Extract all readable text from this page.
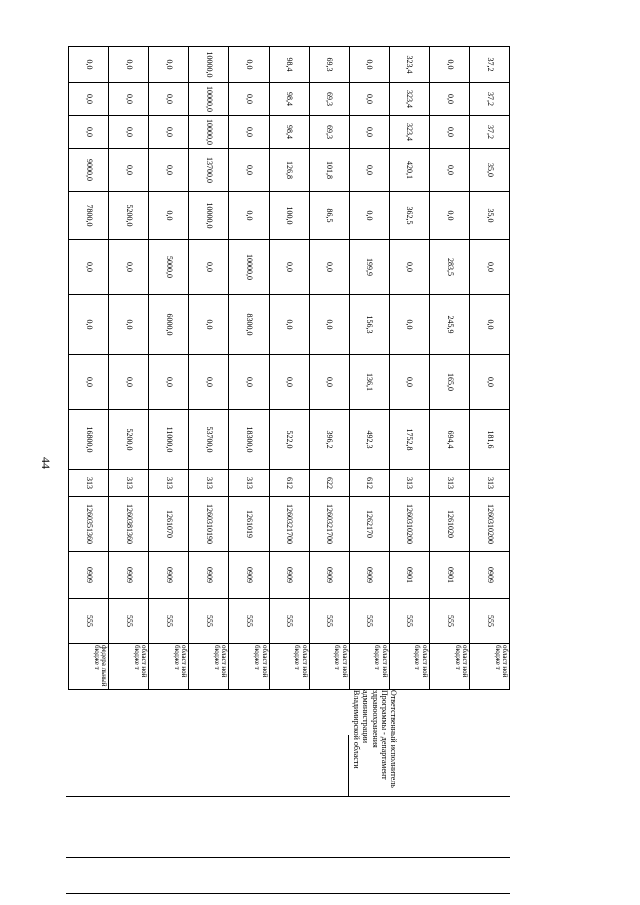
44
37,2	37,2	37,2	35,0	35,0	0,0	0,0	0,0	181,6	313	1260310200	0909	555	област ной бюдже т
0,0	0,0	0,0	0,0	0,0	283,5	245,9	165,0	694,4	313	1261020	0901	555	област ной бюдже т
323,4	323,4	323,4	420,1	362,5	0,0	0,0	0,0	1752,8	313	1260310200	0901	555	област ной бюдже т
0,0	0,0	0,0	0,0	0,0	199,9	156,3	136,1	492,3	612	1262170	0909	555	област ной бюдже т
69,3	69,3	69,3	101,8	86,5	0,0	0,0	0,0	396,2	622	1260321700	0909	555	област ной бюдже т
98,4	98,4	98,4	126,8	100,0	0,0	0,0	0,0	522,0	612	1260321700	0909	555	област ной бюдже т
0,0	0,0	0,0	0,0	0,0	10000,0	8300,0	0,0	18300,0	313	1261019	0909	555	област ной бюдже т
10000,0	10000,0	10000,0	13700,0	10000,0	0,0	0,0	0,0	53700,0	313	1260310190	0909	555	област ной бюдже т
0,0	0,0	0,0	0,0	0,0	5000,0	6000,0	0,0	11000,0	313	1261070	0909	555	област ной бюдже т
0,0	0,0	0,0	0,0	5200,0	0,0	0,0	0,0	5200,0	313	1260381360	0909	555	област ной бюдже т
0,0	0,0	0,0	9000,0	7800,0	0,0	0,0	0,0	16800,0	313	1260351360	0909	555	федера льный бюдже т
Ответственный исполнитель Программы - департамент здравоохранения администрации Владимирской области
